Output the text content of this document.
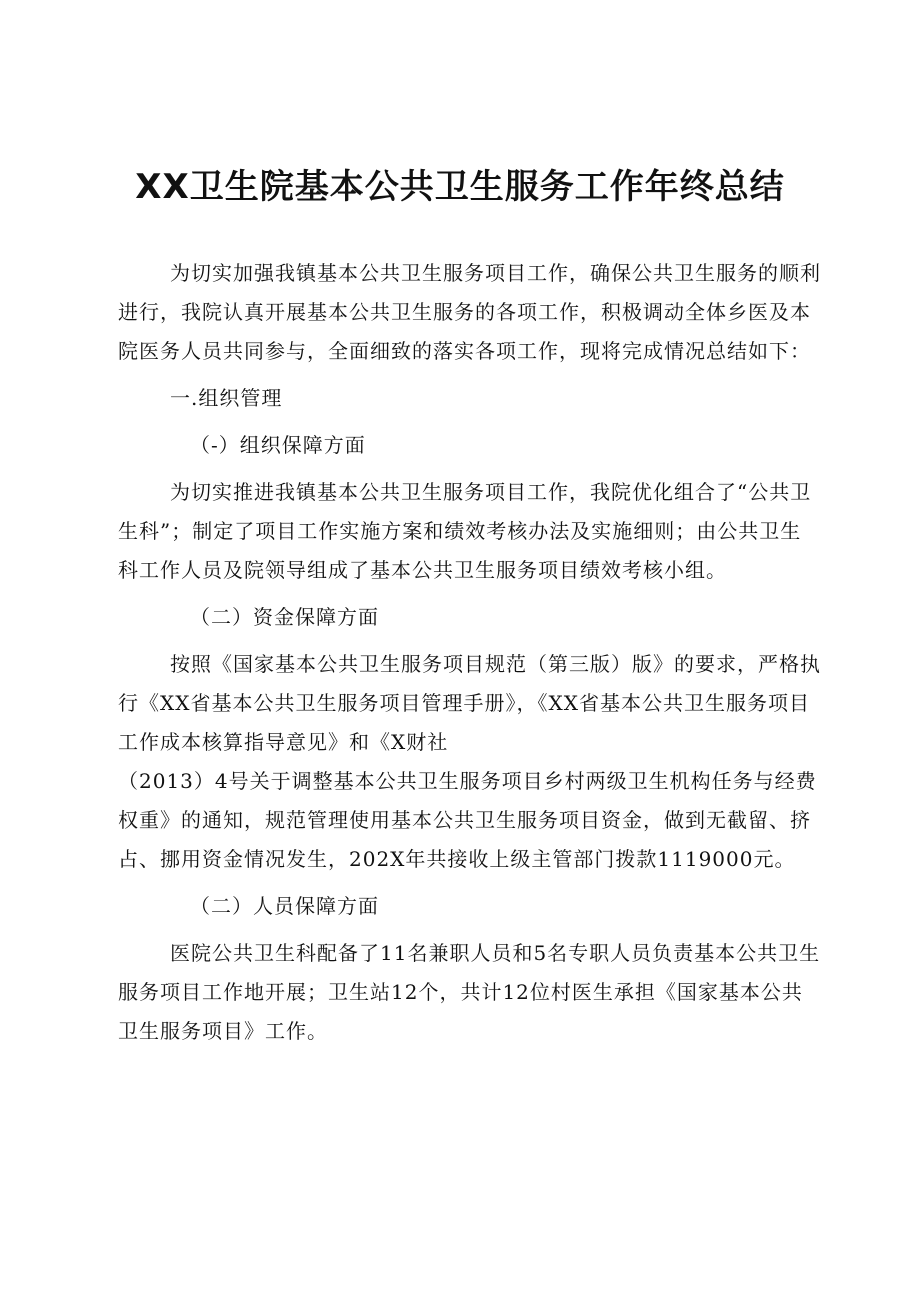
XX卫生院基本公共卫生服务工作年终总结

为切实加强我镇基本公共卫生服务项目工作，确保公共卫生服务的顺利进行，我院认真开展基本公共卫生服务的各项工作，积极调动全体乡医及本院医务人员共同参与，全面细致的落实各项工作，现将完成情况总结如下：

一.组织管理

（-）组织保障方面

为切实推进我镇基本公共卫生服务项目工作，我院优化组合了“公共卫生科”；制定了项目工作实施方案和绩效考核办法及实施细则；由公共卫生科工作人员及院领导组成了基本公共卫生服务项目绩效考核小组。

（二）资金保障方面

按照《国家基本公共卫生服务项目规范（第三版）版》的要求，严格执行《XX省基本公共卫生服务项目管理手册》，《XX省基本公共卫生服务项目工作成本核算指导意见》和《X财社

（2013）4号关于调整基本公共卫生服务项目乡村两级卫生机构任务与经费权重》的通知，规范管理使用基本公共卫生服务项目资金，做到无截留、挤占、挪用资金情况发生，202X年共接收上级主管部门拨款1119000元。

（二）人员保障方面

医院公共卫生科配备了11名兼职人员和5名专职人员负责基本公共卫生服务项目工作地开展；卫生站12个，共计12位村医生承担《国家基本公共卫生服务项目》工作。
